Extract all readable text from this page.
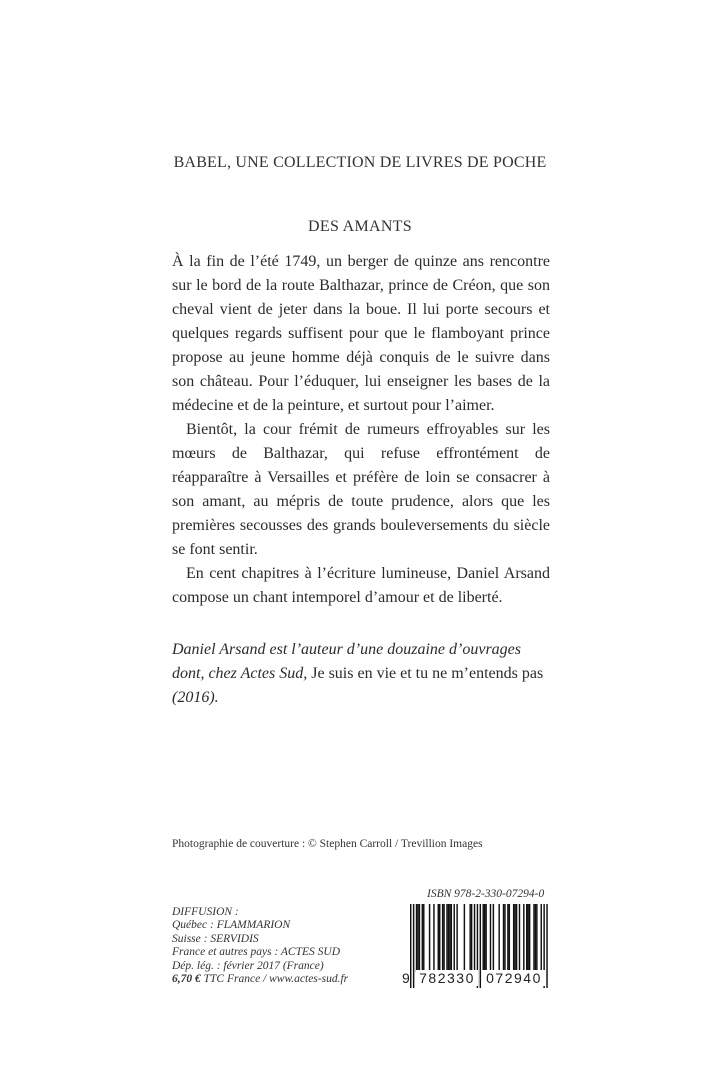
BABEL, UNE COLLECTION DE LIVRES DE POCHE
DES AMANTS

À la fin de l’été 1749, un berger de quinze ans rencontre sur le bord de la route Balthazar, prince de Créon, que son cheval vient de jeter dans la boue. Il lui porte secours et quelques regards suffisent pour que le flamboyant prince propose au jeune homme déjà conquis de le suivre dans son château. Pour l’éduquer, lui enseigner les bases de la médecine et de la peinture, et surtout pour l’aimer.

Bientôt, la cour frémit de rumeurs effroyables sur les mœurs de Balthazar, qui refuse effrontément de réapparaître à Versailles et préfère de loin se consacrer à son amant, au mépris de toute prudence, alors que les premières secousses des grands bouleversements du siècle se font sentir.

En cent chapitres à l’écriture lumineuse, Daniel Arsand compose un chant intemporel d’amour et de liberté.

Daniel Arsand est l’auteur d’une douzaine d’ouvrages dont, chez Actes Sud, Je suis en vie et tu ne m’entends pas (2016).
Photographie de couverture : © Stephen Carroll / Trevillion Images
ISBN 978-2-330-07294-0
9 782330 072940
DIFFUSION :
Québec : FLAMMARION
Suisse : SERVIDIS
France et autres pays : ACTES SUD
Dép. lég. : février 2017 (France)
6,70 € TTC France / www.actes-sud.fr
